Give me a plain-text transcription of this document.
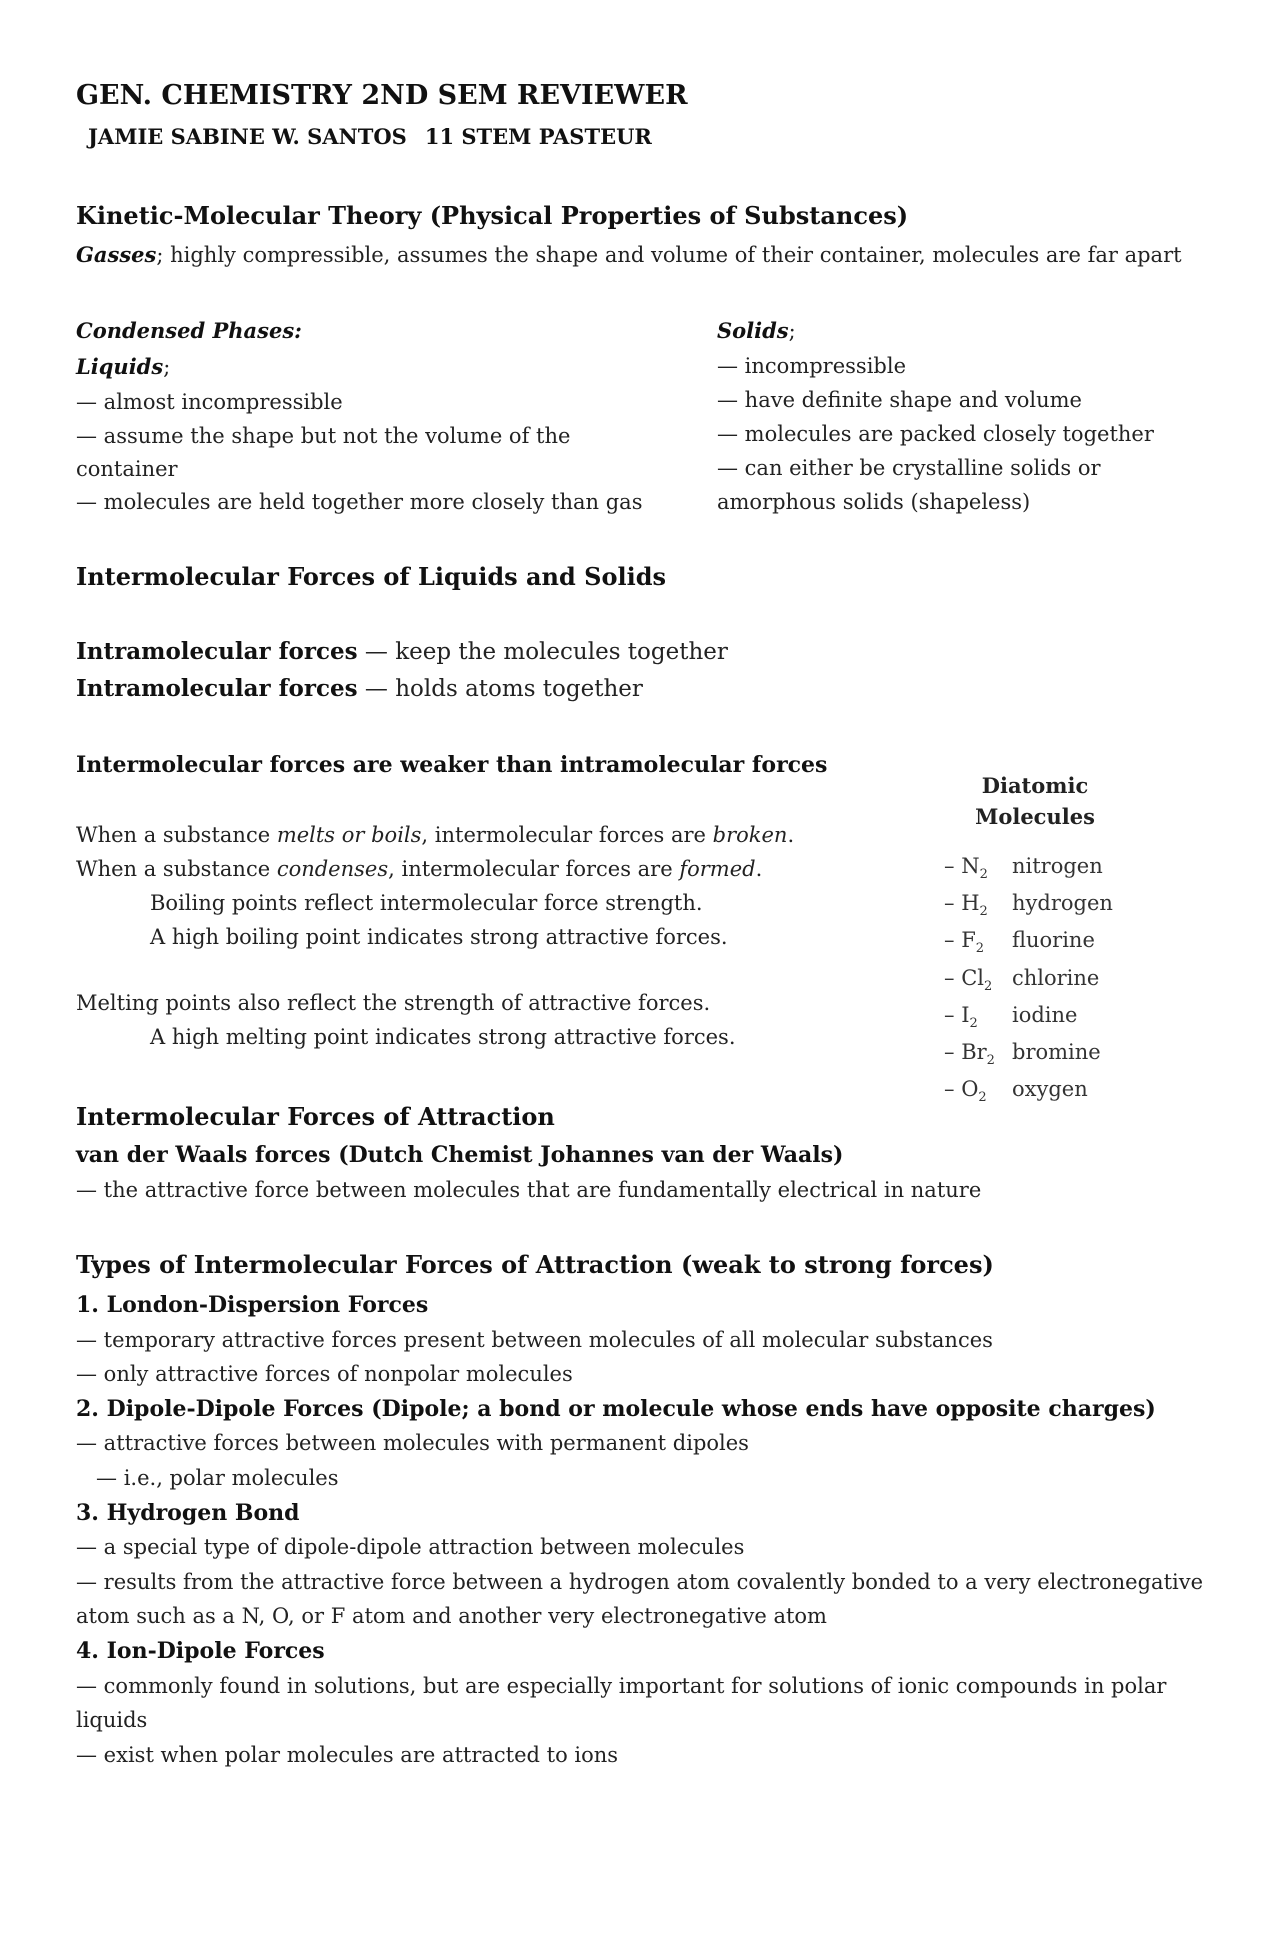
GEN. CHEMISTRY 2ND SEM REVIEWER
JAMIE SABINE W. SANTOS 11 STEM PASTEUR
Kinetic-Molecular Theory (Physical Properties of Substances)
Gasses; highly compressible, assumes the shape and volume of their container, molecules are far apart
Condensed Phases:
Liquids;
— almost incompressible
— assume the shape but not the volume of the
container
— molecules are held together more closely than gas
Solids;
— incompressible
— have definite shape and volume
— molecules are packed closely together
— can either be crystalline solids or
amorphous solids (shapeless)
Intermolecular Forces of Liquids and Solids
Intramolecular forces — keep the molecules together
Intramolecular forces — holds atoms together
Intermolecular forces are weaker than intramolecular forces
When a substance melts or boils, intermolecular forces are broken.
When a substance condenses, intermolecular forces are formed.
Boiling points reflect intermolecular force strength.
A high boiling point indicates strong attractive forces.
Melting points also reflect the strength of attractive forces.
A high melting point indicates strong attractive forces.
Diatomic
Molecules
– $N_2$ nitrogen
– $H_2$ hydrogen
– $F_2$ fluorine
– $Cl_2$ chlorine
– $I_2$ iodine
– $Br_2$ bromine
– $O_2$ oxygen
Intermolecular Forces of Attraction
van der Waals forces (Dutch Chemist Johannes van der Waals)
— the attractive force between molecules that are fundamentally electrical in nature
Types of Intermolecular Forces of Attraction (weak to strong forces)
1. London-Dispersion Forces
— temporary attractive forces present between molecules of all molecular substances
— only attractive forces of nonpolar molecules
2. Dipole-Dipole Forces (Dipole; a bond or molecule whose ends have opposite charges)
— attractive forces between molecules with permanent dipoles
— i.e., polar molecules
3. Hydrogen Bond
— a special type of dipole-dipole attraction between molecules
— results from the attractive force between a hydrogen atom covalently bonded to a very electronegative
atom such as a N, O, or F atom and another very electronegative atom
4. Ion-Dipole Forces
— commonly found in solutions, but are especially important for solutions of ionic compounds in polar
liquids
— exist when polar molecules are attracted to ions
